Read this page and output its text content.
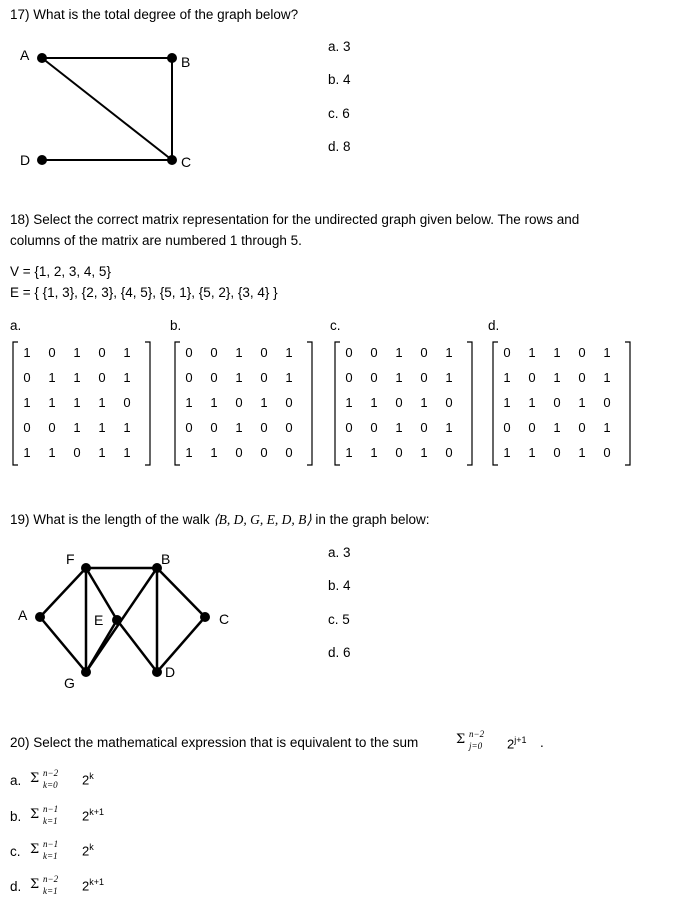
17) What is the total degree of the graph below?
A	B
C
D
a. 3
b. 4
c. 6
d. 8
18) Select the correct matrix representation for the undirected graph given below. The rows and
columns of the matrix are numbered 1 through 5.
V = {1, 2, 3, 4, 5}
E = { {1, 3}, {2, 3}, {4, 5}, {5, 1}, {5, 2}, {3, 4} }
a.	b.	c.	d.
1 0 1 0 1
0 1 1 0 1
1 1 1 1 0
0 0 1 1 1
1 1 0 1 1
0 0 1 0 1
0 0 1 0 1
1 1 0 1 0
0 0 1 0 0
1 1 0 0 0
0 0 1 0 1
0 0 1 0 1
1 1 0 1 0
0 0 1 0 1
1 1 0 1 0
0 1 1 0 1
1 0 1 0 1
1 1 0 1 0
0 0 1 0 1
1 1 0 1 0
19) What is the length of the walk ⟨B, D, G, E, D, B⟩ in the graph below:
A
B
C
D
E
F
G
a. 3
b. 4
c. 5
d. 6
20) Select the mathematical expression that is equivalent to the sum	Σ n−2
j=0 $2^{j+1}$ .
a. Σ n−2
k=0 2$^k$
b. Σ n−1
k=1 $2^{k+1}$
c. Σ n−1
k=1 2$^k$
d. Σ n−2
k=1 $2^{k+1}$
